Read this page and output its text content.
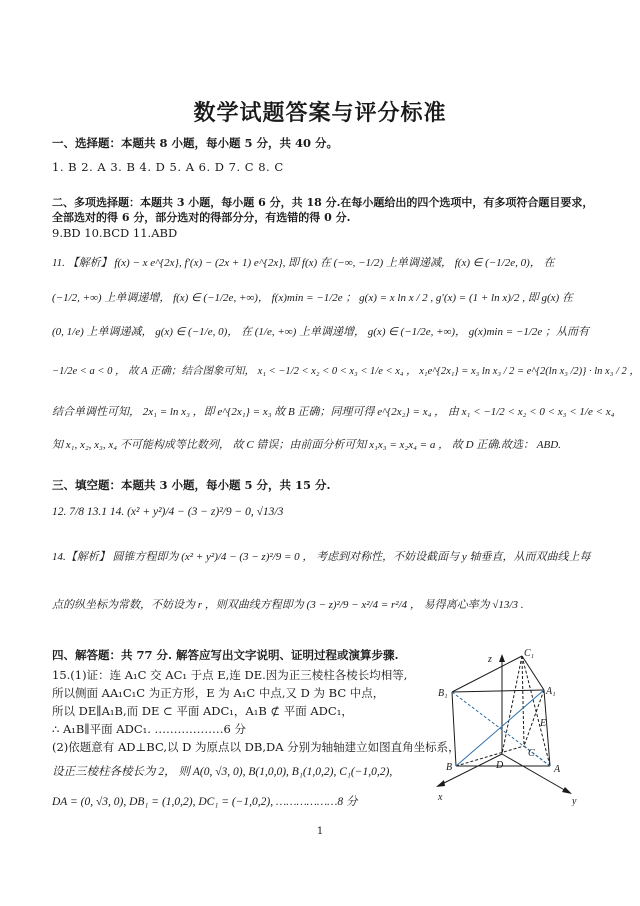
数学试题答案与评分标准
一、选择题：本题共 8 小题，每小题 5 分，共 40 分。
1. B 2. A 3. B 4. D 5. A 6. D 7. C 8. C
二、多项选择题：本题共 3 小题，每小题 6 分，共 18 分.在每小题给出的四个选项中，有多项符合题目要求，
全部选对的得 6 分，部分选对的得部分分，有选错的得 0 分.
9.BD 10.BCD 11.ABD
11. 【解析】 f(x) − x e^{2x}, f′(x) − (2x + 1) e^{2x}, 即 f(x) 在 (−∞, −1/2) 上单调递减， f(x) ∈ (−1/2e, 0)， 在
(−1/2, +∞) 上单调递增， f(x) ∈ (−1/2e, +∞)， f(x)min = −1/2e ； g(x) = x ln x / 2 , g′(x) = (1 + ln x)/2 , 即 g(x) 在
(0, 1/e) 上单调递减， g(x) ∈ (−1/e, 0)， 在 (1/e, +∞) 上单调递增， g(x) ∈ (−1/2e, +∞)， g(x)min = −1/2e ；从而有
−1/2e < a < 0 ， 故 A 正确；结合图象可知， x₁ < −1/2 < x₂ < 0 < x₃ < 1/e < x₄ ， x₁e^{2x₁} = x₃ ln x₃ / 2 = e^{2(ln x₃ /2)} · ln x₃ / 2 ，
结合单调性可知， 2x₁ = ln x₃ ，即 e^{2x₁} = x₃ 故 B 正确；同理可得 e^{2x₂} = x₄ ， 由 x₁ < −1/2 < x₂ < 0 < x₃ < 1/e < x₄
知 x₁, x₂, x₃, x₄ 不可能构成等比数列， 故 C 错误；由前面分析可知 x₁x₃ = x₂x₄ = a ， 故 D 正确.故选： ABD.
三、填空题：本题共 3 小题，每小题 5 分，共 15 分.
12. 7/8 13.1 14. (x² + y²)/4 − (3 − z)²/9 − 0, √13/3
14.【解析】 圆锥方程即为 (x² + y²)/4 − (3 − z)²/9 = 0 ， 考虑到对称性，不妨设截面与 y 轴垂直，从而双曲线上每
点的纵坐标为常数，不妨设为 r ，则双曲线方程即为 (3 − z)²/9 − x²/4 = r²/4 ， 易得离心率为 √13/3 .
四、解答题：共 77 分. 解答应写出文字说明、证明过程或演算步骤.
15.(1)证：连 A₁C 交 AC₁ 于点 E,连 DE.因为正三棱柱各棱长均相等,
所以侧面 AA₁C₁C 为正方形，E 为 A₁C 中点,又 D 为 BC 中点，
所以 DE∥A₁B,而 DE ⊂ 平面 ADC₁，A₁B ⊄ 平面 ADC₁，
∴ A₁B∥平面 ADC₁. ………………6 分
(2)依题意有 AD⊥BC,以 D 为原点以 DB,DA 分别为轴轴建立如图直角坐标系，
设正三棱柱各棱长为 2， 则 A(0, √3, 0), B(1,0,0), B₁(1,0,2), C₁(−1,0,2),
DA = (0, √3, 0), DB₁ = (1,0,2), DC₁ = (−1,0,2), ………………8 分
z
C₁
B₁	A₁
E
C
B	D	A
x	y
1
